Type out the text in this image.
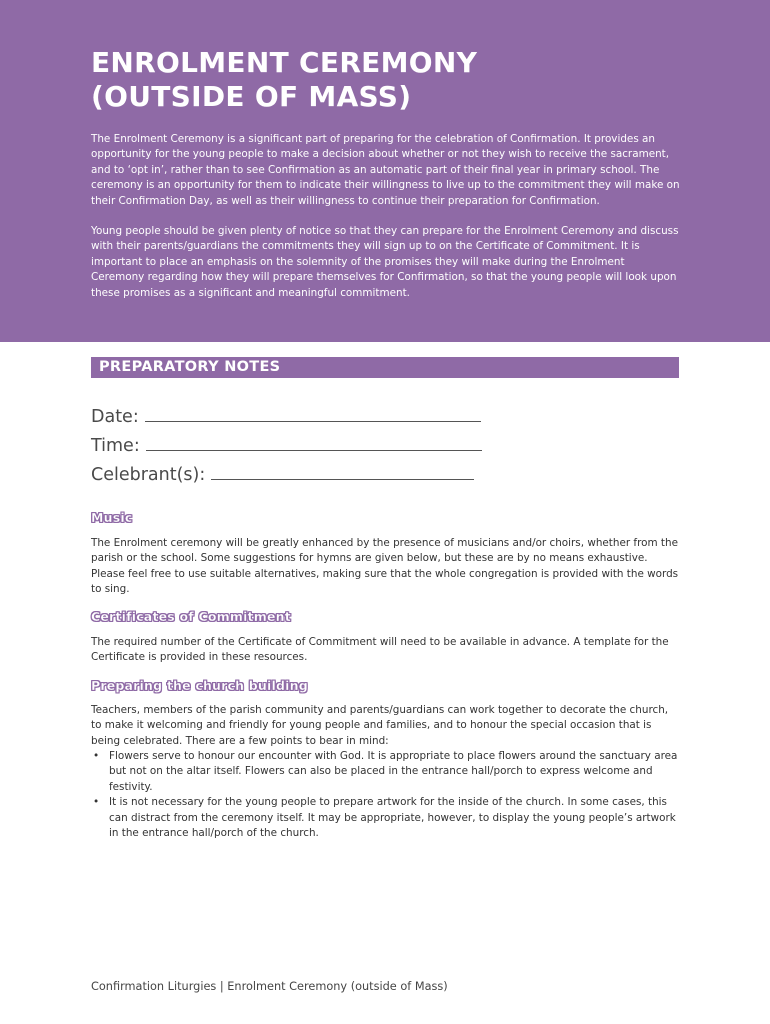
ENROLMENT CEREMONY
(OUTSIDE OF MASS)

The Enrolment Ceremony is a significant part of preparing for the celebration of Confirmation. It provides an opportunity for the young people to make a decision about whether or not they wish to receive the sacrament, and to ‘opt in’, rather than to see Confirmation as an automatic part of their final year in primary school. The ceremony is an opportunity for them to indicate their willingness to live up to the commitment they will make on their Confirmation Day, as well as their willingness to continue their preparation for Confirmation.

Young people should be given plenty of notice so that they can prepare for the Enrolment Ceremony and discuss with their parents/guardians the commitments they will sign up to on the Certificate of Commitment. It is important to place an emphasis on the solemnity of the promises they will make during the Enrolment Ceremony regarding how they will prepare themselves for Confirmation, so that the young people will look upon these promises as a significant and meaningful commitment.

PREPARATORY NOTES
Date:
Time:
Celebrant(s):
Music

The Enrolment ceremony will be greatly enhanced by the presence of musicians and/or choirs, whether from the parish or the school. Some suggestions for hymns are given below, but these are by no means exhaustive. Please feel free to use suitable alternatives, making sure that the whole congregation is provided with the words to sing.

Certificates of Commitment

The required number of the Certificate of Commitment will need to be available in advance. A template for the Certificate is provided in these resources.

Preparing the church building

Teachers, members of the parish community and parents/guardians can work together to decorate the church, to make it welcoming and friendly for young people and families, and to honour the special occasion that is being celebrated. There are a few points to bear in mind:

• Flowers serve to honour our encounter with God. It is appropriate to place flowers around the sanctuary area but not on the altar itself. Flowers can also be placed in the entrance hall/porch to express welcome and festivity.
• It is not necessary for the young people to prepare artwork for the inside of the church. In some cases, this can distract from the ceremony itself. It may be appropriate, however, to display the young people’s artwork in the entrance hall/porch of the church.
Confirmation Liturgies | Enrolment Ceremony (outside of Mass)
